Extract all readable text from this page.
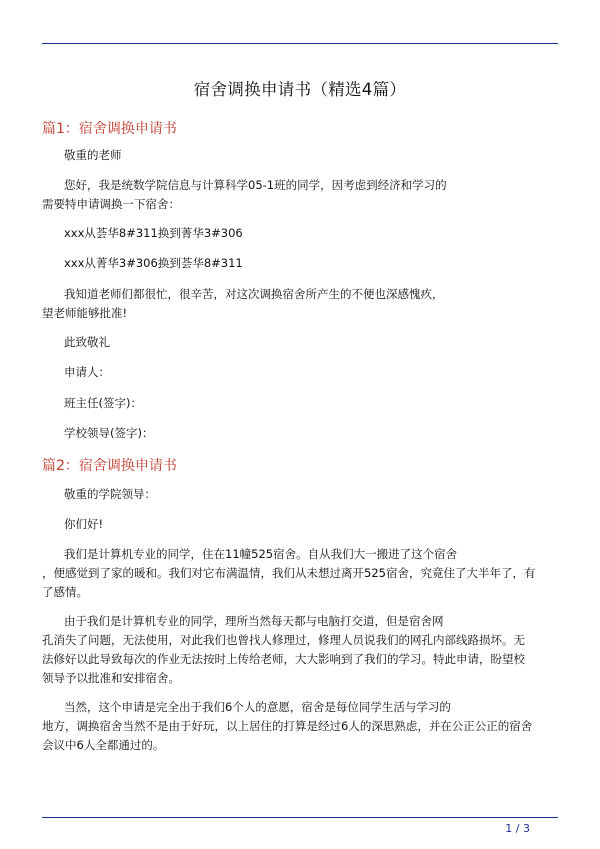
宿舍调换申请书（精选4篇）
篇1：宿舍调换申请书

敬重的老师

您好，我是统数学院信息与计算科学05-1班的同学，因考虑到经济和学习的
需要特申请调换一下宿舍：

xxx从荟华8#311换到菁华3#306

xxx从菁华3#306换到荟华8#311

我知道老师们都很忙，很辛苦，对这次调换宿舍所产生的不便也深感愧疚，
望老师能够批准!

此致敬礼

申请人：

班主任(签字)：

学校领导(签字)：

篇2：宿舍调换申请书

敬重的学院领导：

你们好!

我们是计算机专业的同学，住在11幢525宿舍。自从我们大一搬进了这个宿舍
，便感觉到了家的暖和。我们对它布满温情，我们从未想过离开525宿舍，究竟住了大半年了，有
了感情。

由于我们是计算机专业的同学，理所当然每天都与电脑打交道，但是宿舍网
孔消失了问题，无法使用，对此我们也曾找人修理过，修理人员说我们的网孔内部线路损坏。无
法修好以此导致每次的作业无法按时上传给老师，大大影响到了我们的学习。特此申请，盼望校
领导予以批准和安排宿舍。

当然，这个申请是完全出于我们6个人的意愿，宿舍是每位同学生活与学习的
地方，调换宿舍当然不是由于好玩，以上居住的打算是经过6人的深思熟虑，并在公正公正的宿舍
会议中6人全都通过的。

1 / 3
